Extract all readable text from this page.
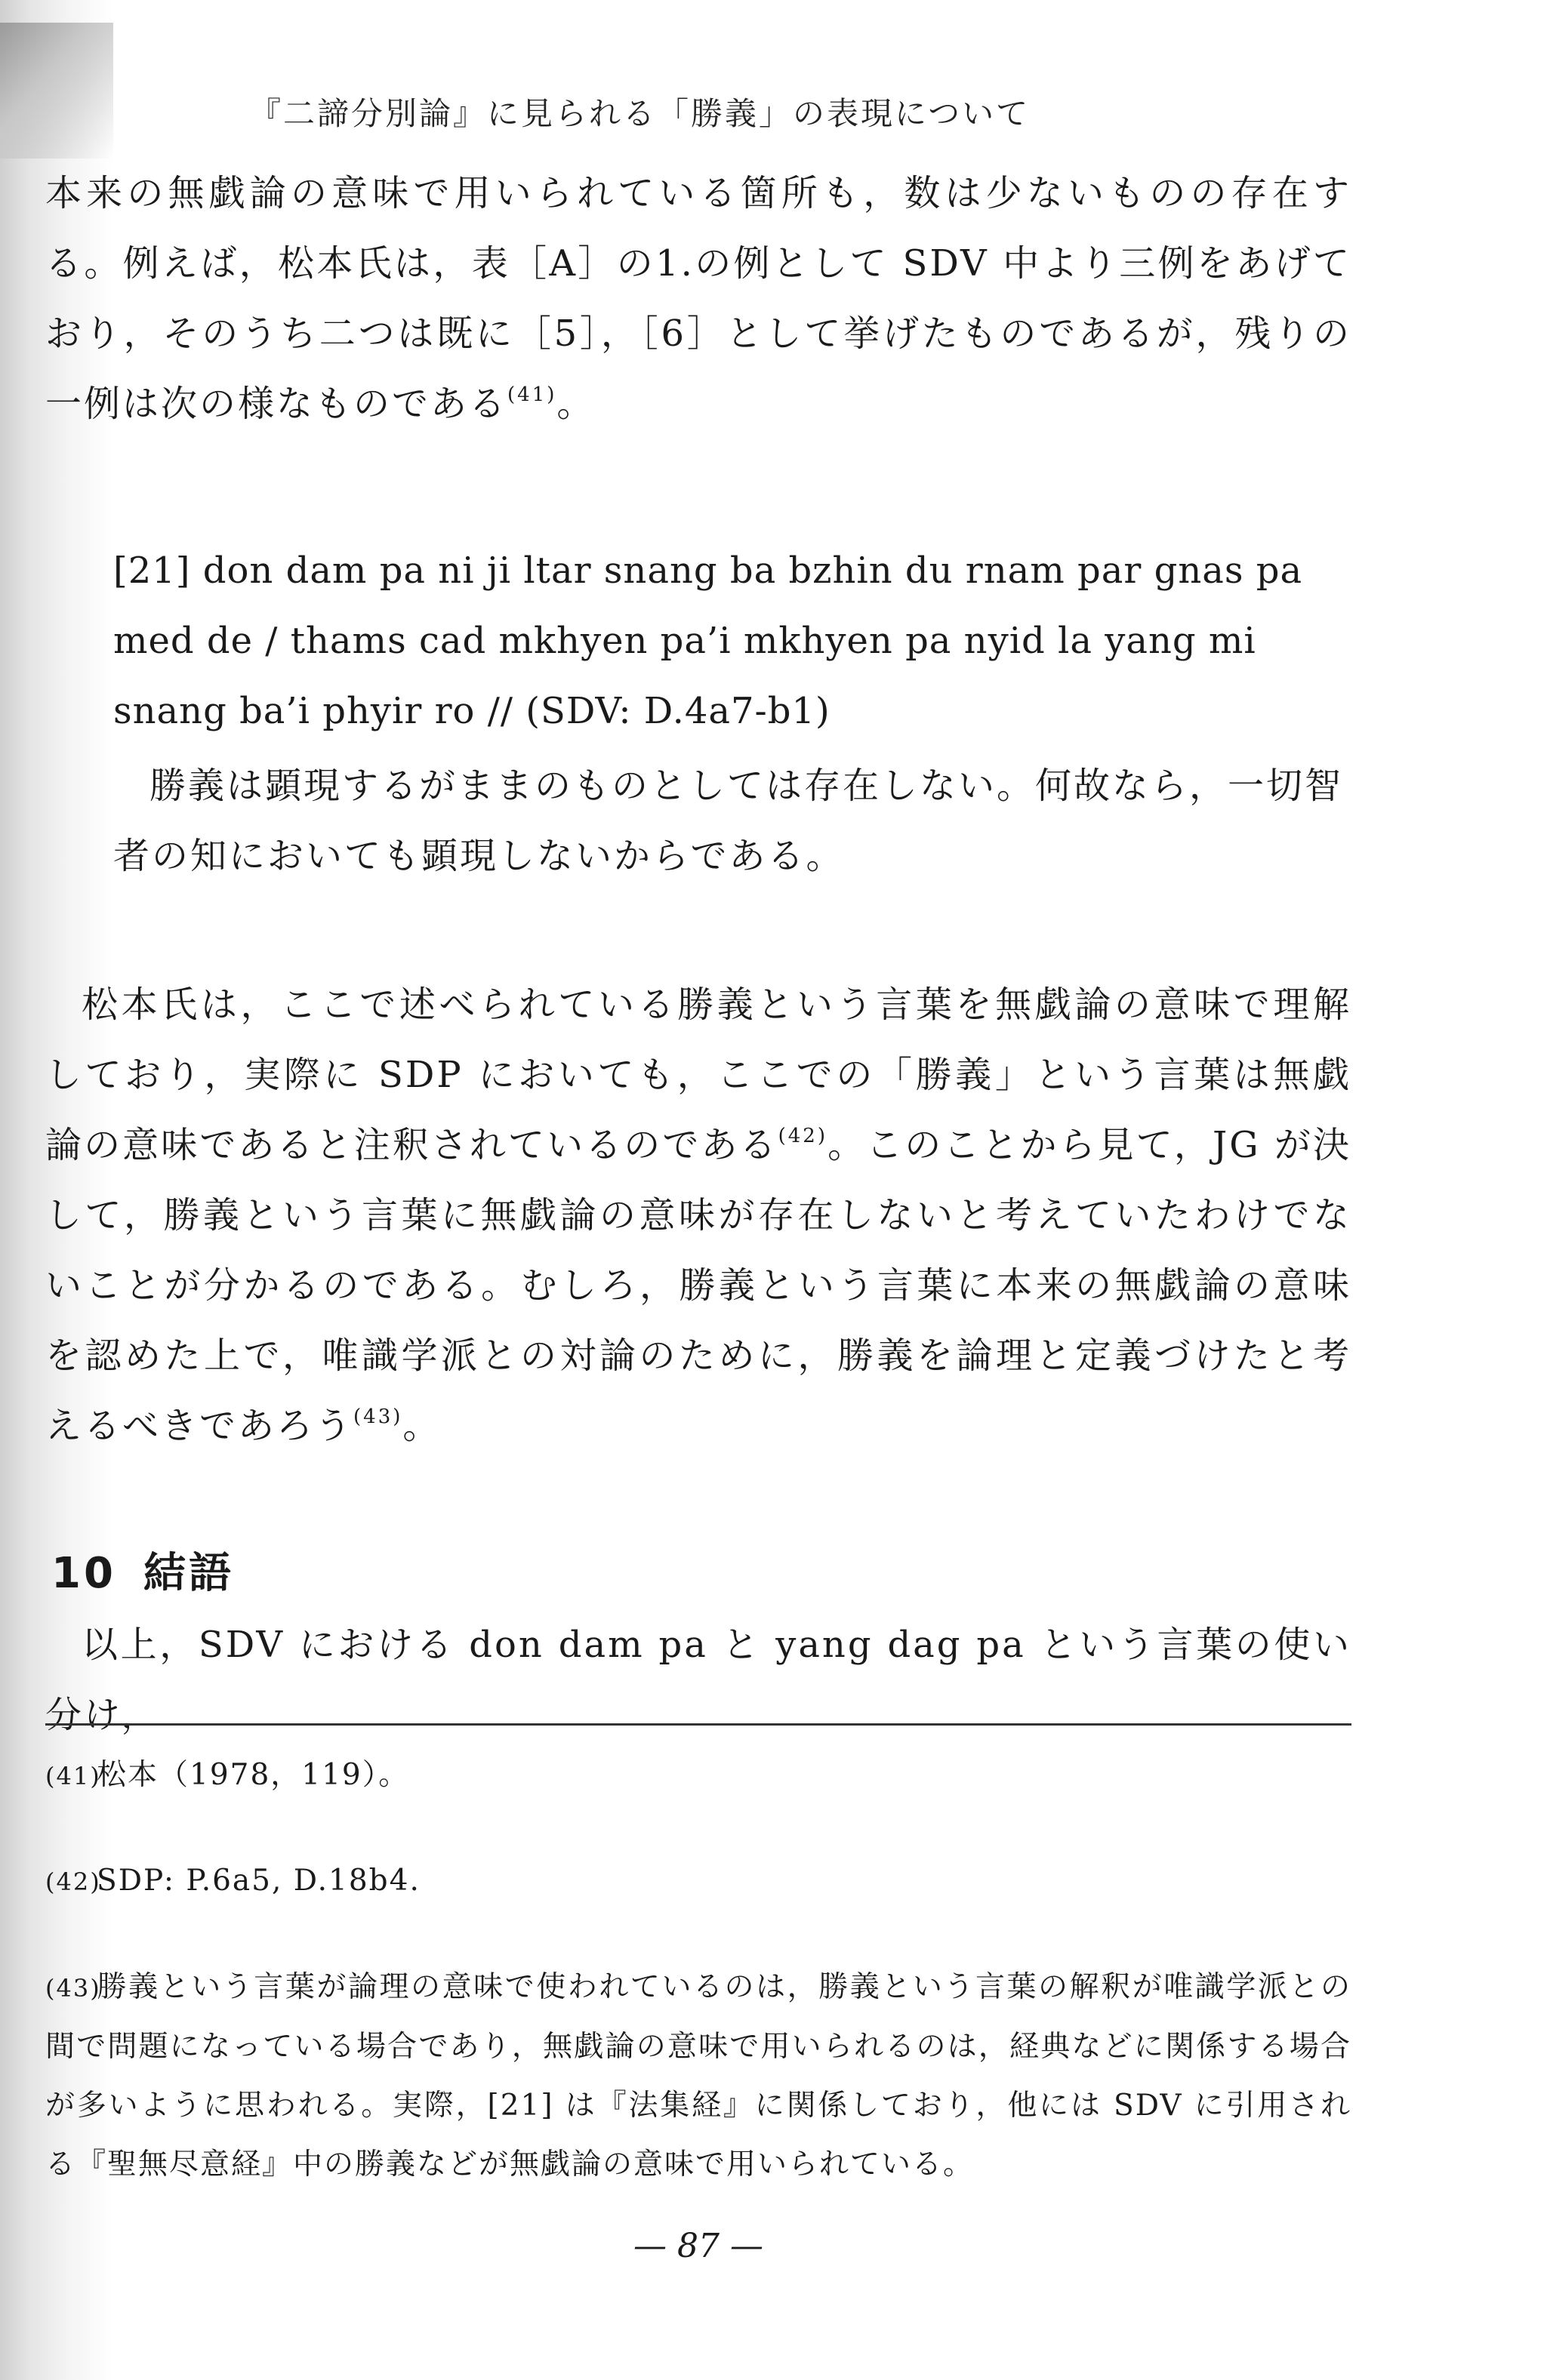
『二諦分別論』に見られる「勝義」の表現について

本来の無戯論の意味で用いられている箇所も，数は少ないものの存在する。例えば，松本氏は，表［A］の1.の例として SDV 中より三例をあげており，そのうち二つは既に［5］，［6］として挙げたものであるが，残りの一例は次の様なものである$^{(41)}$。

[21] don dam pa ni ji ltar snang ba bzhin du rnam par gnas pa med de / thams cad mkhyen pa’i mkhyen pa nyid la yang mi snang ba’i phyir ro // (SDV: D.4a7-b1)

勝義は顕現するがままのものとしては存在しない。何故なら，一切智者の知においても顕現しないからである。

松本氏は，ここで述べられている勝義という言葉を無戯論の意味で理解しており，実際に SDP においても，ここでの「勝義」という言葉は無戯論の意味であると注釈されているのである$^{(42)}$。このことから見て，JG が決して，勝義という言葉に無戯論の意味が存在しないと考えていたわけでないことが分かるのである。むしろ，勝義という言葉に本来の無戯論の意味を認めた上で，唯識学派との対論のために，勝義を論理と定義づけたと考えるべきであろう$^{(43)}$。

10 結語

以上，SDV における don dam pa と yang dag pa という言葉の使い分け，

(41)松本（1978，119）。

(42)SDP: P.6a5, D.18b4.

(43)勝義という言葉が論理の意味で使われているのは，勝義という言葉の解釈が唯識学派との間で問題になっている場合であり，無戯論の意味で用いられるのは，経典などに関係する場合が多いように思われる。実際，[21] は『法集経』に関係しており，他には SDV に引用される『聖無尽意経』中の勝義などが無戯論の意味で用いられている。

— 87 —
